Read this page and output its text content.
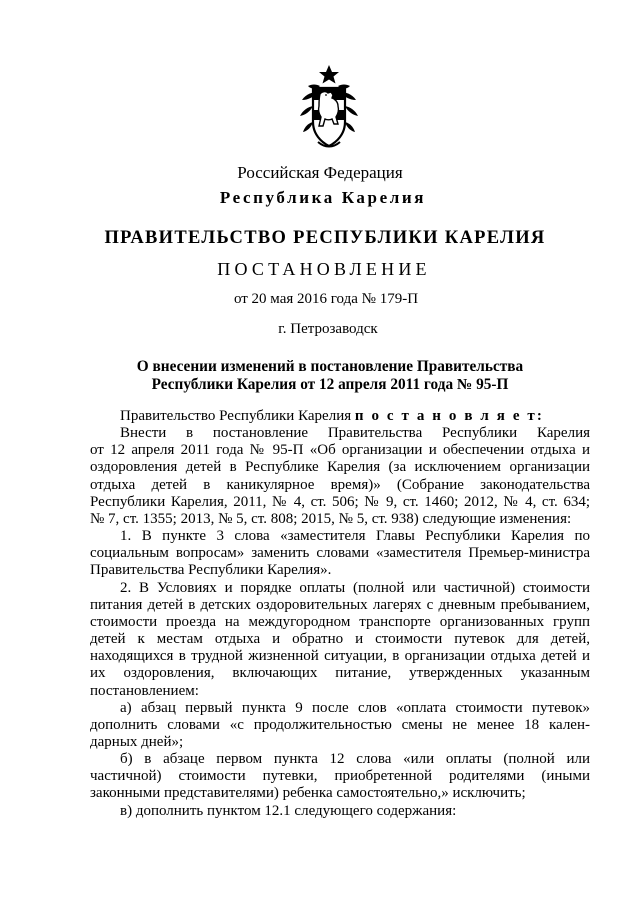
Российская Федерация
Республика Карелия
ПРАВИТЕЛЬСТВО РЕСПУБЛИКИ КАРЕЛИЯ
ПОСТАНОВЛЕНИЕ
от 20 мая 2016 года № 179-П
г. Петрозаводск
О внесении изменений в постановление Правительства
Республики Карелия от 12 апреля 2011 года № 95-П

Правительство Республики Карелия п о с т а н о в л я е т:

Внести в постановление Правительства Республики Карелия

от 12 апреля 2011 года № 95-П «Об организации и обеспечении отдыха и

оздоровления детей в Республике Карелия (за исключением организации

отдыха детей в каникулярное время)» (Собрание законодательства

Республики Карелия, 2011, № 4, ст. 506; № 9, ст. 1460; 2012, № 4, ст. 634;

№ 7, ст. 1355; 2013, № 5, ст. 808; 2015, № 5, ст. 938) следующие изменения:

1. В пункте 3 слова «заместителя Главы Республики Карелия по

социальным вопросам» заменить словами «заместителя Премьер-министра

Правительства Республики Карелия».

2. В Условиях и порядке оплаты (полной или частичной) стоимости

питания детей в детских оздоровительных лагерях с дневным пребыванием,

стоимости проезда на междугородном транспорте организованных групп

детей к местам отдыха и обратно и стоимости путевок для детей,

находящихся в трудной жизненной ситуации, в организации отдыха детей и

их оздоровления, включающих питание, утвержденных указанным

постановлением:

а) абзац первый пункта 9 после слов «оплата стоимости путевок»

дополнить словами «с продолжительностью смены не менее 18 кален-

дарных дней»;

б) в абзаце первом пункта 12 слова «или оплаты (полной или

частичной) стоимости путевки, приобретенной родителями (иными

законными представителями) ребенка самостоятельно,» исключить;

в) дополнить пунктом 12.1 следующего содержания:
